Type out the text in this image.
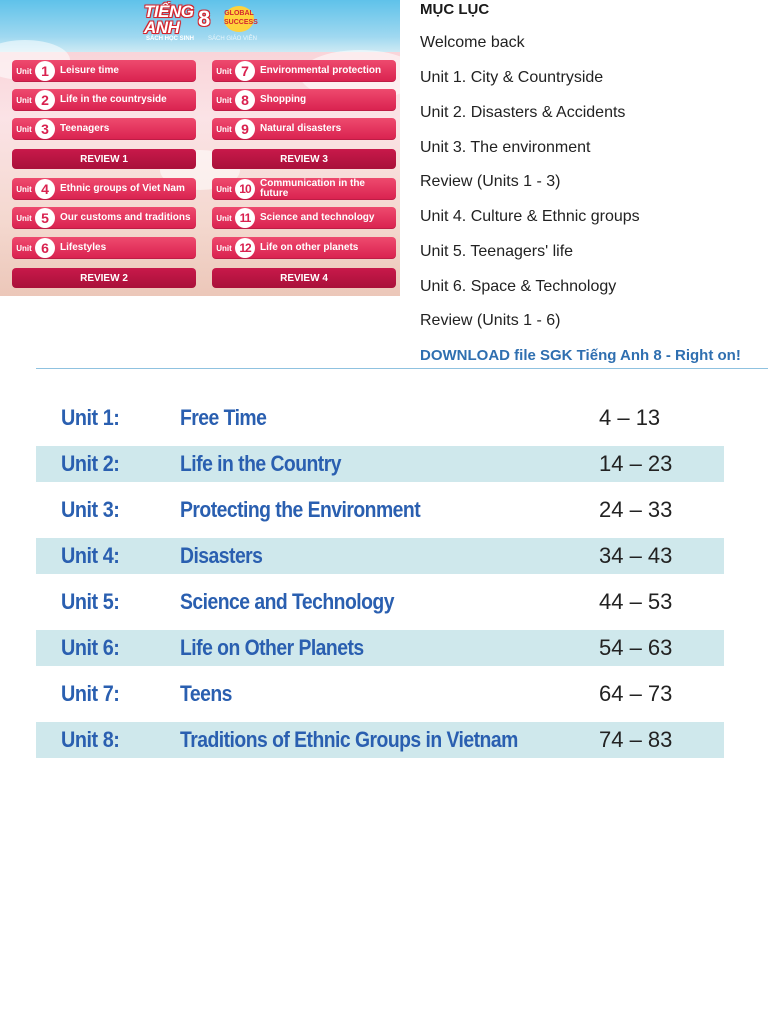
TIẾNG ANH 8 GLOBAL SUCCESS
SÁCH HỌC SINH SÁCH GIÁO VIÊN
Unit 1	Leisure time
Unit 2	Life in the countryside
Unit 3	Teenagers
REVIEW 1
Unit 4	Ethnic groups of Viet Nam
Unit 5	Our customs and traditions
Unit 6	Lifestyles
REVIEW 2
Unit 7	Environmental protection
Unit 8	Shopping
Unit 9	Natural disasters
REVIEW 3
Unit 10 Communication in the future
Unit 11 Science and technology
Unit 12 Life on other planets
REVIEW 4
MỤC LỤC
Welcome back
Unit 1. City & Countryside
Unit 2. Disasters & Accidents
Unit 3. The environment
Review (Units 1 - 3)
Unit 4. Culture & Ethnic groups
Unit 5. Teenagers' life
Unit 6. Space & Technology
Review (Units 1 - 6)
DOWNLOAD file SGK Tiếng Anh 8 - Right on!
Unit 1:	Free Time	4 – 13
Unit 2:	Life in the Country	14 – 23
Unit 3:	Protecting the Environment	24 – 33
Unit 4:	Disasters	34 – 43
Unit 5:	Science and Technology	44 – 53
Unit 6:	Life on Other Planets	54 – 63
Unit 7:	Teens	64 – 73
Unit 8:	Traditions of Ethnic Groups in Vietnam	74 – 83
